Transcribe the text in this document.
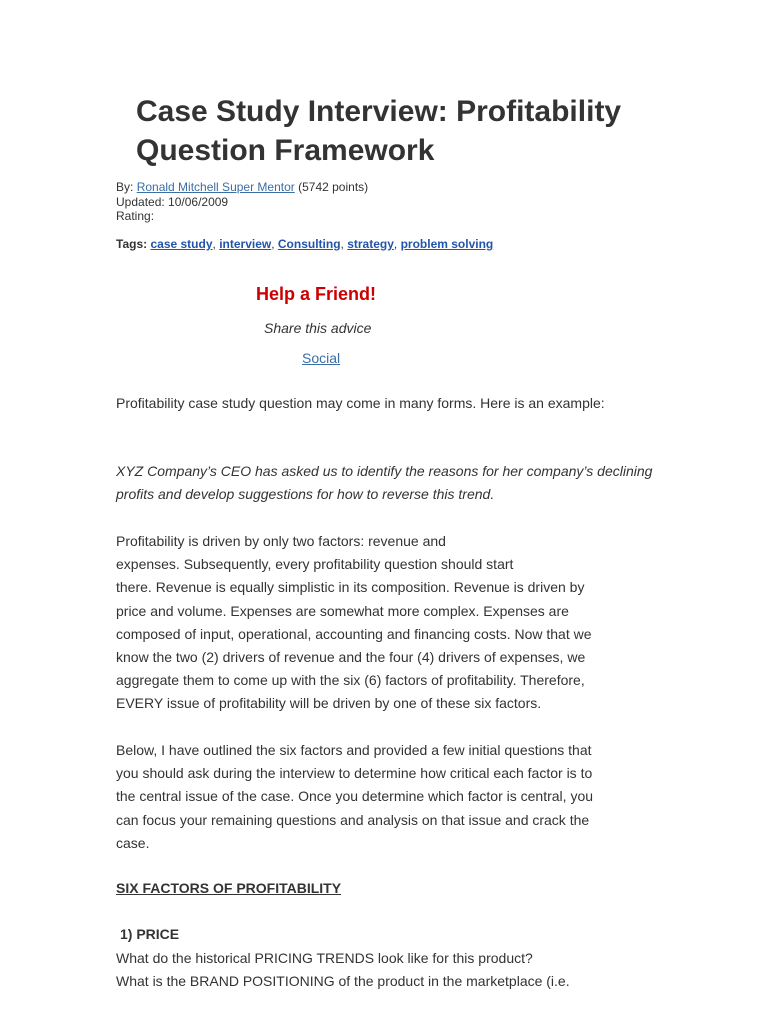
Case Study Interview: Profitability Question Framework
By: Ronald Mitchell Super Mentor (5742 points)
Updated: 10/06/2009
Rating:
Tags: case study, interview, Consulting, strategy, problem solving
Help a Friend!
Share this advice
Social

Profitability case study question may come in many forms. Here is an example:

XYZ Company’s CEO has asked us to identify the reasons for her company’s declining profits and develop suggestions for how to reverse this trend.

Profitability is driven by only two factors: revenue and
expenses. Subsequently, every profitability question should start
there. Revenue is equally simplistic in its composition. Revenue is driven by
price and volume. Expenses are somewhat more complex. Expenses are
composed of input, operational, accounting and financing costs. Now that we
know the two (2) drivers of revenue and the four (4) drivers of expenses, we
aggregate them to come up with the six (6) factors of profitability. Therefore,
EVERY issue of profitability will be driven by one of these six factors.
Below, I have outlined the six factors and provided a few initial questions that
you should ask during the interview to determine how critical each factor is to
the central issue of the case. Once you determine which factor is central, you
can focus your remaining questions and analysis on that issue and crack the
case.
SIX FACTORS OF PROFITABILITY
1) PRICE
What do the historical PRICING TRENDS look like for this product?
What is the BRAND POSITIONING of the product in the marketplace (i.e.
